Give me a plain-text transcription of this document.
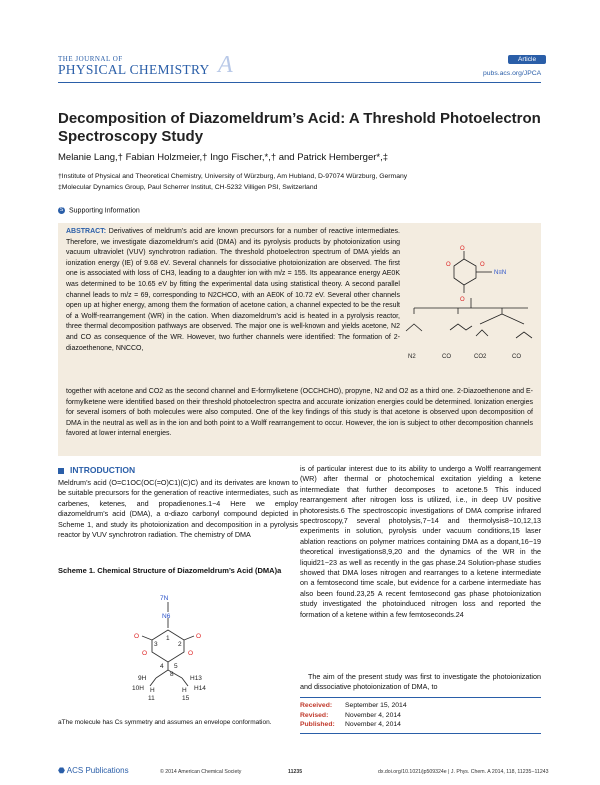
THE JOURNAL OF
PHYSICAL CHEMISTRY A	Article
pubs.acs.org/JPCA
Decomposition of Diazomeldrum’s Acid: A Threshold Photoelectron Spectroscopy Study
Melanie Lang,† Fabian Holzmeier,† Ingo Fischer,*,† and Patrick Hemberger*,‡
†Institute of Physical and Theoretical Chemistry, University of Würzburg, Am Hubland, D-97074 Würzburg, Germany
‡Molecular Dynamics Group, Paul Scherrer Institut, CH-5232 Villigen PSI, Switzerland
S Supporting Information
ABSTRACT: Derivatives of meldrum’s acid are known precursors for a number of reactive intermediates. Therefore, we investigate diazomeldrum’s acid (DMA) and its pyrolysis products by photoionization using vacuum ultraviolet (VUV) synchrotron radiation. The threshold photoelectron spectrum of DMA yields an ionization energy (IE) of 9.68 eV. Several channels for dissociative photoionization are observed. The first one is associated with loss of CH3, leading to a daughter ion with m/z = 155. Its appearance energy AE0K was determined to be 10.65 eV by fitting the experimental data using statistical theory. A second parallel channel leads to m/z = 69, corresponding to N2CHCO, with an AE0K of 10.72 eV. Several other channels open up at higher energy, among them the formation of acetone cation, a channel expected to be the result of a Wolff-rearrangement (WR) in the cation. When diazomeldrum’s acid is heated in a pyrolysis reactor, three thermal decomposition pathways are observed. The major one is well-known and yields acetone, N2 and CO as consequence of the WR. However, two further channels were identified: The formation of 2-diazoethenone, NNCCO,
O
O
O	O
N≡N
N2	CO	CO2	CO
together with acetone and CO2 as the second channel and E-formylketene (OCCHCHO), propyne, N2 and O2 as a third one. 2-Diazoethenone and E-formylketene were identified based on their threshold photoelectron spectra and accurate ionization energies could be determined. Ionization energies for several isomers of both molecules were also computed. One of the key findings of this study is that acetone is observed upon decomposition of DMA in the neutral as well as in the ion and both point to a Wolff rearrangement to occur. However, the ion is subject to other decomposition channels favored at lower internal energies.
INTRODUCTION
Meldrum’s acid (O=C1OC(OC(=O)C1)(C)C) and its derivates are known to be suitable precursors for the generation of reactive intermediates, such as carbenes, ketenes, and propadienones.1−4 Here we employ diazomeldrum’s acid (DMA), a α-diazo carbonyl compound depicted in Scheme 1, and study its photoionization and decomposition in a pyrolysis reactor by VUV synchrotron radiation. The chemistry of DMA
is of particular interest due to its ability to undergo a Wolff rearrangement (WR) after thermal or photochemical excitation yielding a ketene intermediate that further decomposes to acetone.5 This induced rearrangement after nitrogen loss is utilized, i.e., in deep UV positive photoresists.6 The spectroscopic investigations of DMA comprise infrared spectroscopy,7 several photolysis,7−14 and thermolysis8−10,12,13 experiments in solution, pyrolysis under vacuum conditions,15 laser ablation reactions on polymer matrices containing DMA as a dopant,16−19 theoretical investigations8,9,20 and the dynamics of the WR in the liquid21−23 as well as recently in the gas phase.24 Solution-phase studies showed that DMA loses nitrogen and rearranges to a ketene intermediate on a femtosecond time scale, but evidence for a carbene intermediate has also been found.23,25 A recent femtosecond gas phase photoionization study investigated the photoinduced nitrogen loss and reported the formation of a ketene within a few femtoseconds.24
The aim of the present study was first to investigate the photoionization and dissociative photoionization of DMA, to
Scheme 1. Chemical Structure of Diazomeldrum’s Acid (DMA)a
7N
N6
O	O
O	O
3
1
2
4 5
8
9H	H13
10H	H14
H	H
11	15
aThe molecule has Cs symmetry and assumes an envelope conformation.
Received: September 15, 2014
Revised: November 4, 2014
Published: November 4, 2014
⬣ ACS Publications	© 2014 American Chemical Society	11235	dx.doi.org/10.1021/jp509324e | J. Phys. Chem. A 2014, 118, 11235−11243
